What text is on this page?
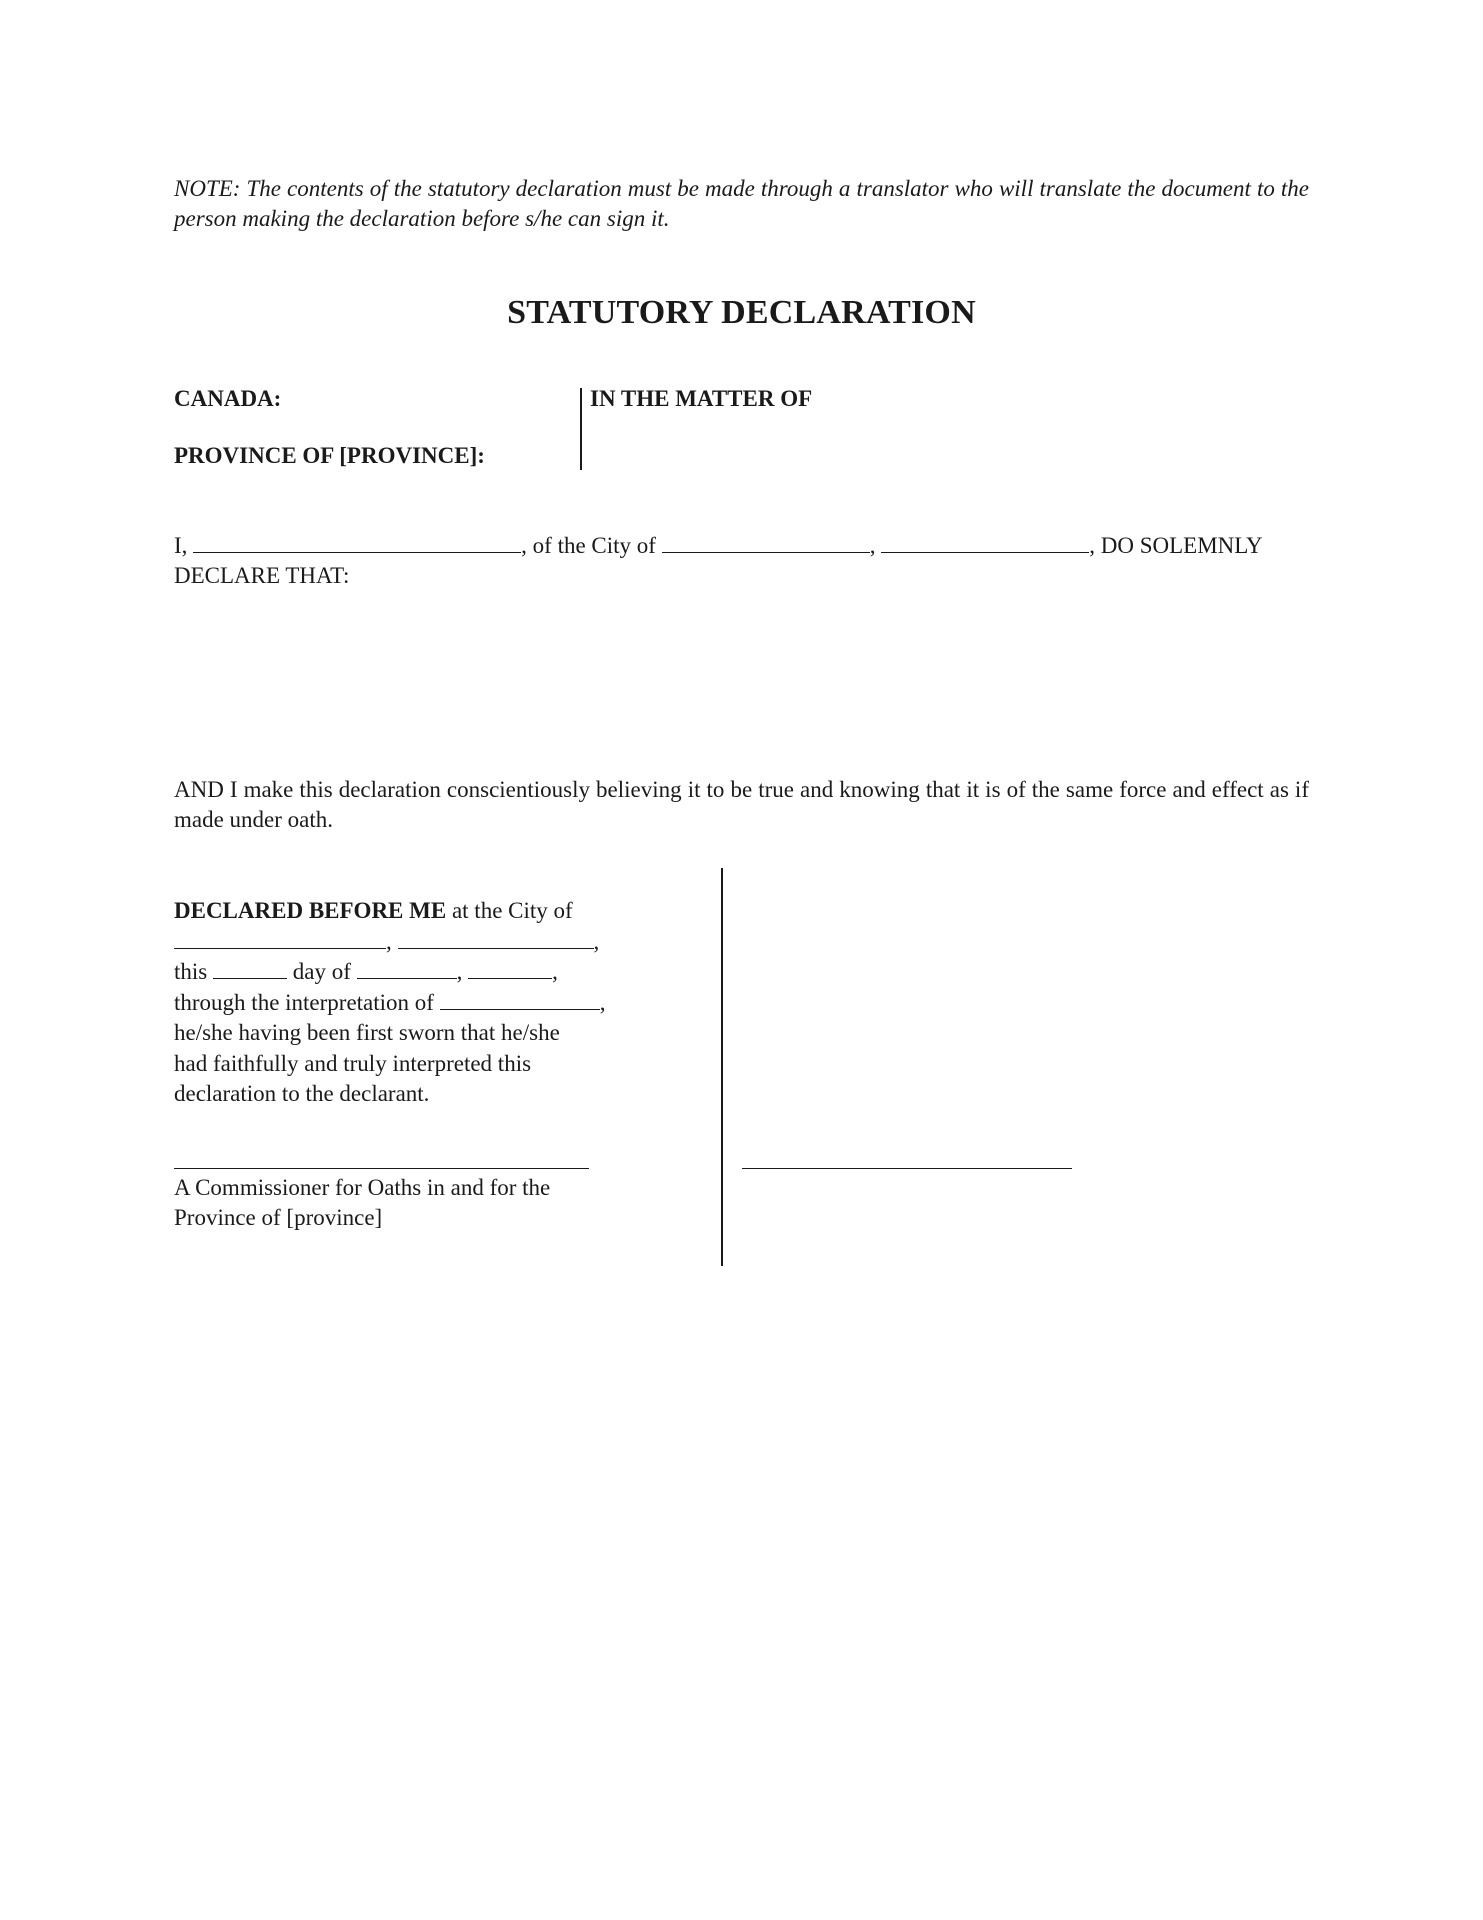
NOTE: The contents of the statutory declaration must be made through a translator who will translate the document to the person making the declaration before s/he can sign it.
STATUTORY DECLARATION
CANADA:
PROVINCE OF [PROVINCE]:
IN THE MATTER OF
I,	, of the City of	,	, DO SOLEMNLY
DECLARE THAT:
AND I make this declaration conscientiously believing it to be true and knowing that it is of the same force and effect as if made under oath.
DECLARED BEFORE ME at the City of
,	,
this	day of	,	,
through the interpretation of	,
he/she having been first sworn that he/she
had faithfully and truly interpreted this
declaration to the declarant.
A Commissioner for Oaths in and for the
Province of [province]
